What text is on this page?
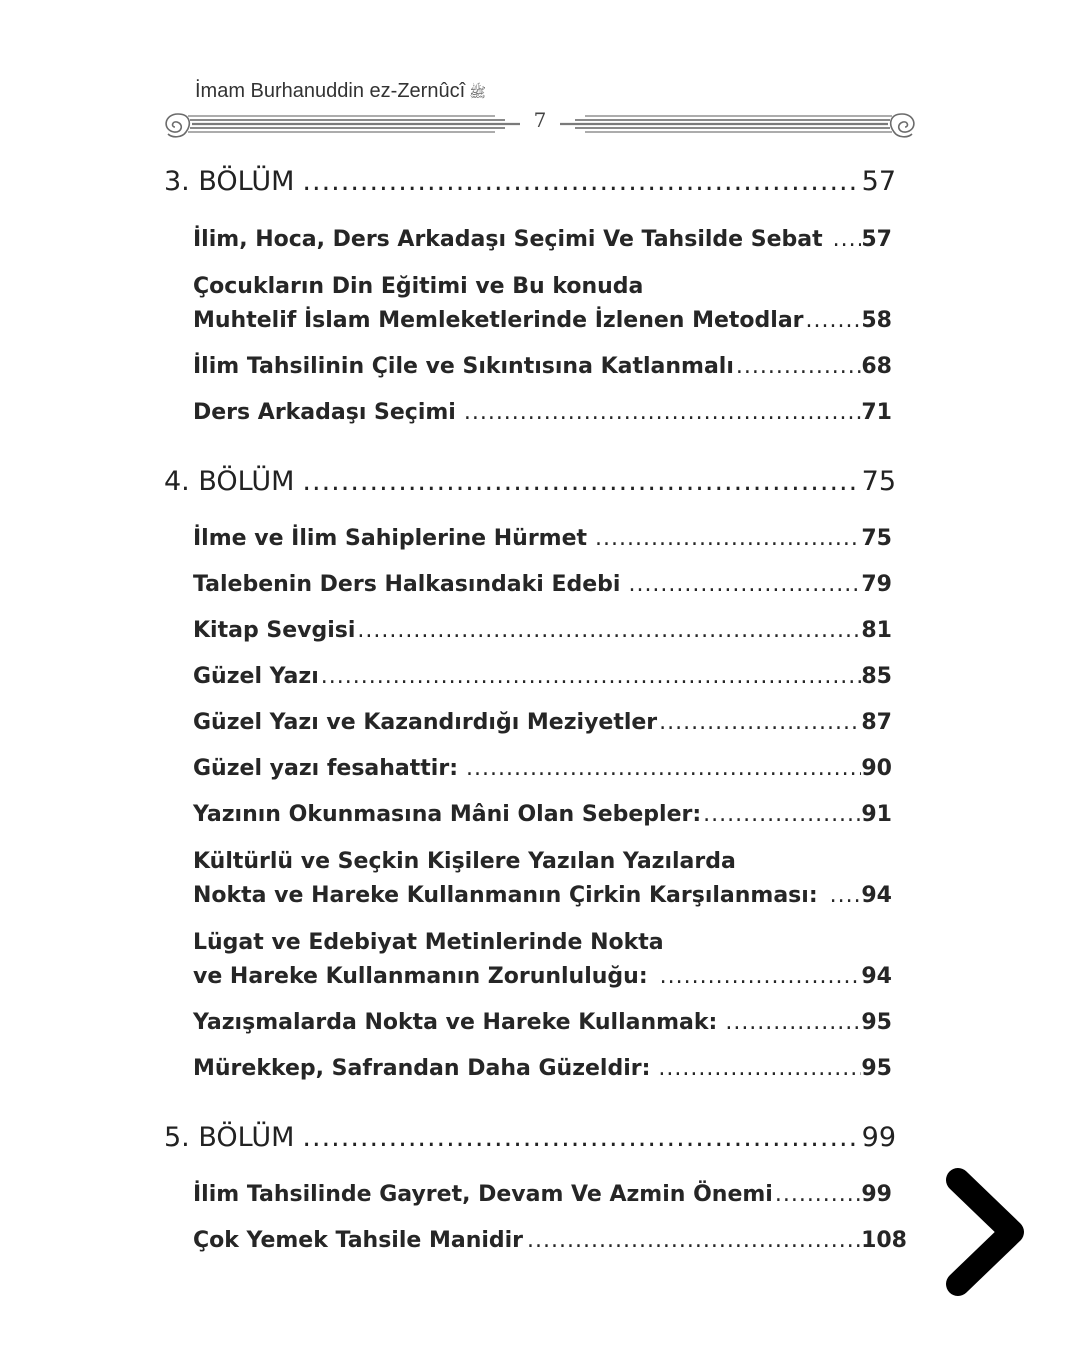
İmam Burhanuddin ez-Zernûcî ﷺ
7
3. BÖLÜM .....	57
İlim, Hoca, Ders Arkadaşı Seçimi Ve Tahsilde Sebat ..... 57
Çocukların Din Eğitimi ve Bu konuda
Muhtelif İslam Memleketlerinde İzlenen Metodlar .....	58
İlim Tahsilinin Çile ve Sıkıntısına Katlanmalı .....	68
Ders Arkadaşı Seçimi .....	71
4. BÖLÜM .....	75
İlme ve İlim Sahiplerine Hürmet .....	75
Talebenin Ders Halkasındaki Edebi .....	79
Kitap Sevgisi .....	81
Güzel Yazı .....	85
Güzel Yazı ve Kazandırdığı Meziyetler .....	87
Güzel yazı fesahattir: .....	90
Yazının Okunmasına Mâni Olan Sebepler: .....	91
Kültürlü ve Seçkin Kişilere Yazılan Yazılarda
Nokta ve Hareke Kullanmanın Çirkin Karşılanması: ..... 94
Lügat ve Edebiyat Metinlerinde Nokta
ve Hareke Kullanmanın Zorunluluğu: .....	94
Yazışmalarda Nokta ve Hareke Kullanmak: .....	95
Mürekkep, Safrandan Daha Güzeldir: .....	95
5. BÖLÜM .....	99
İlim Tahsilinde Gayret, Devam Ve Azmin Önemi .....	99
Çok Yemek Tahsile Manidir .....	108
